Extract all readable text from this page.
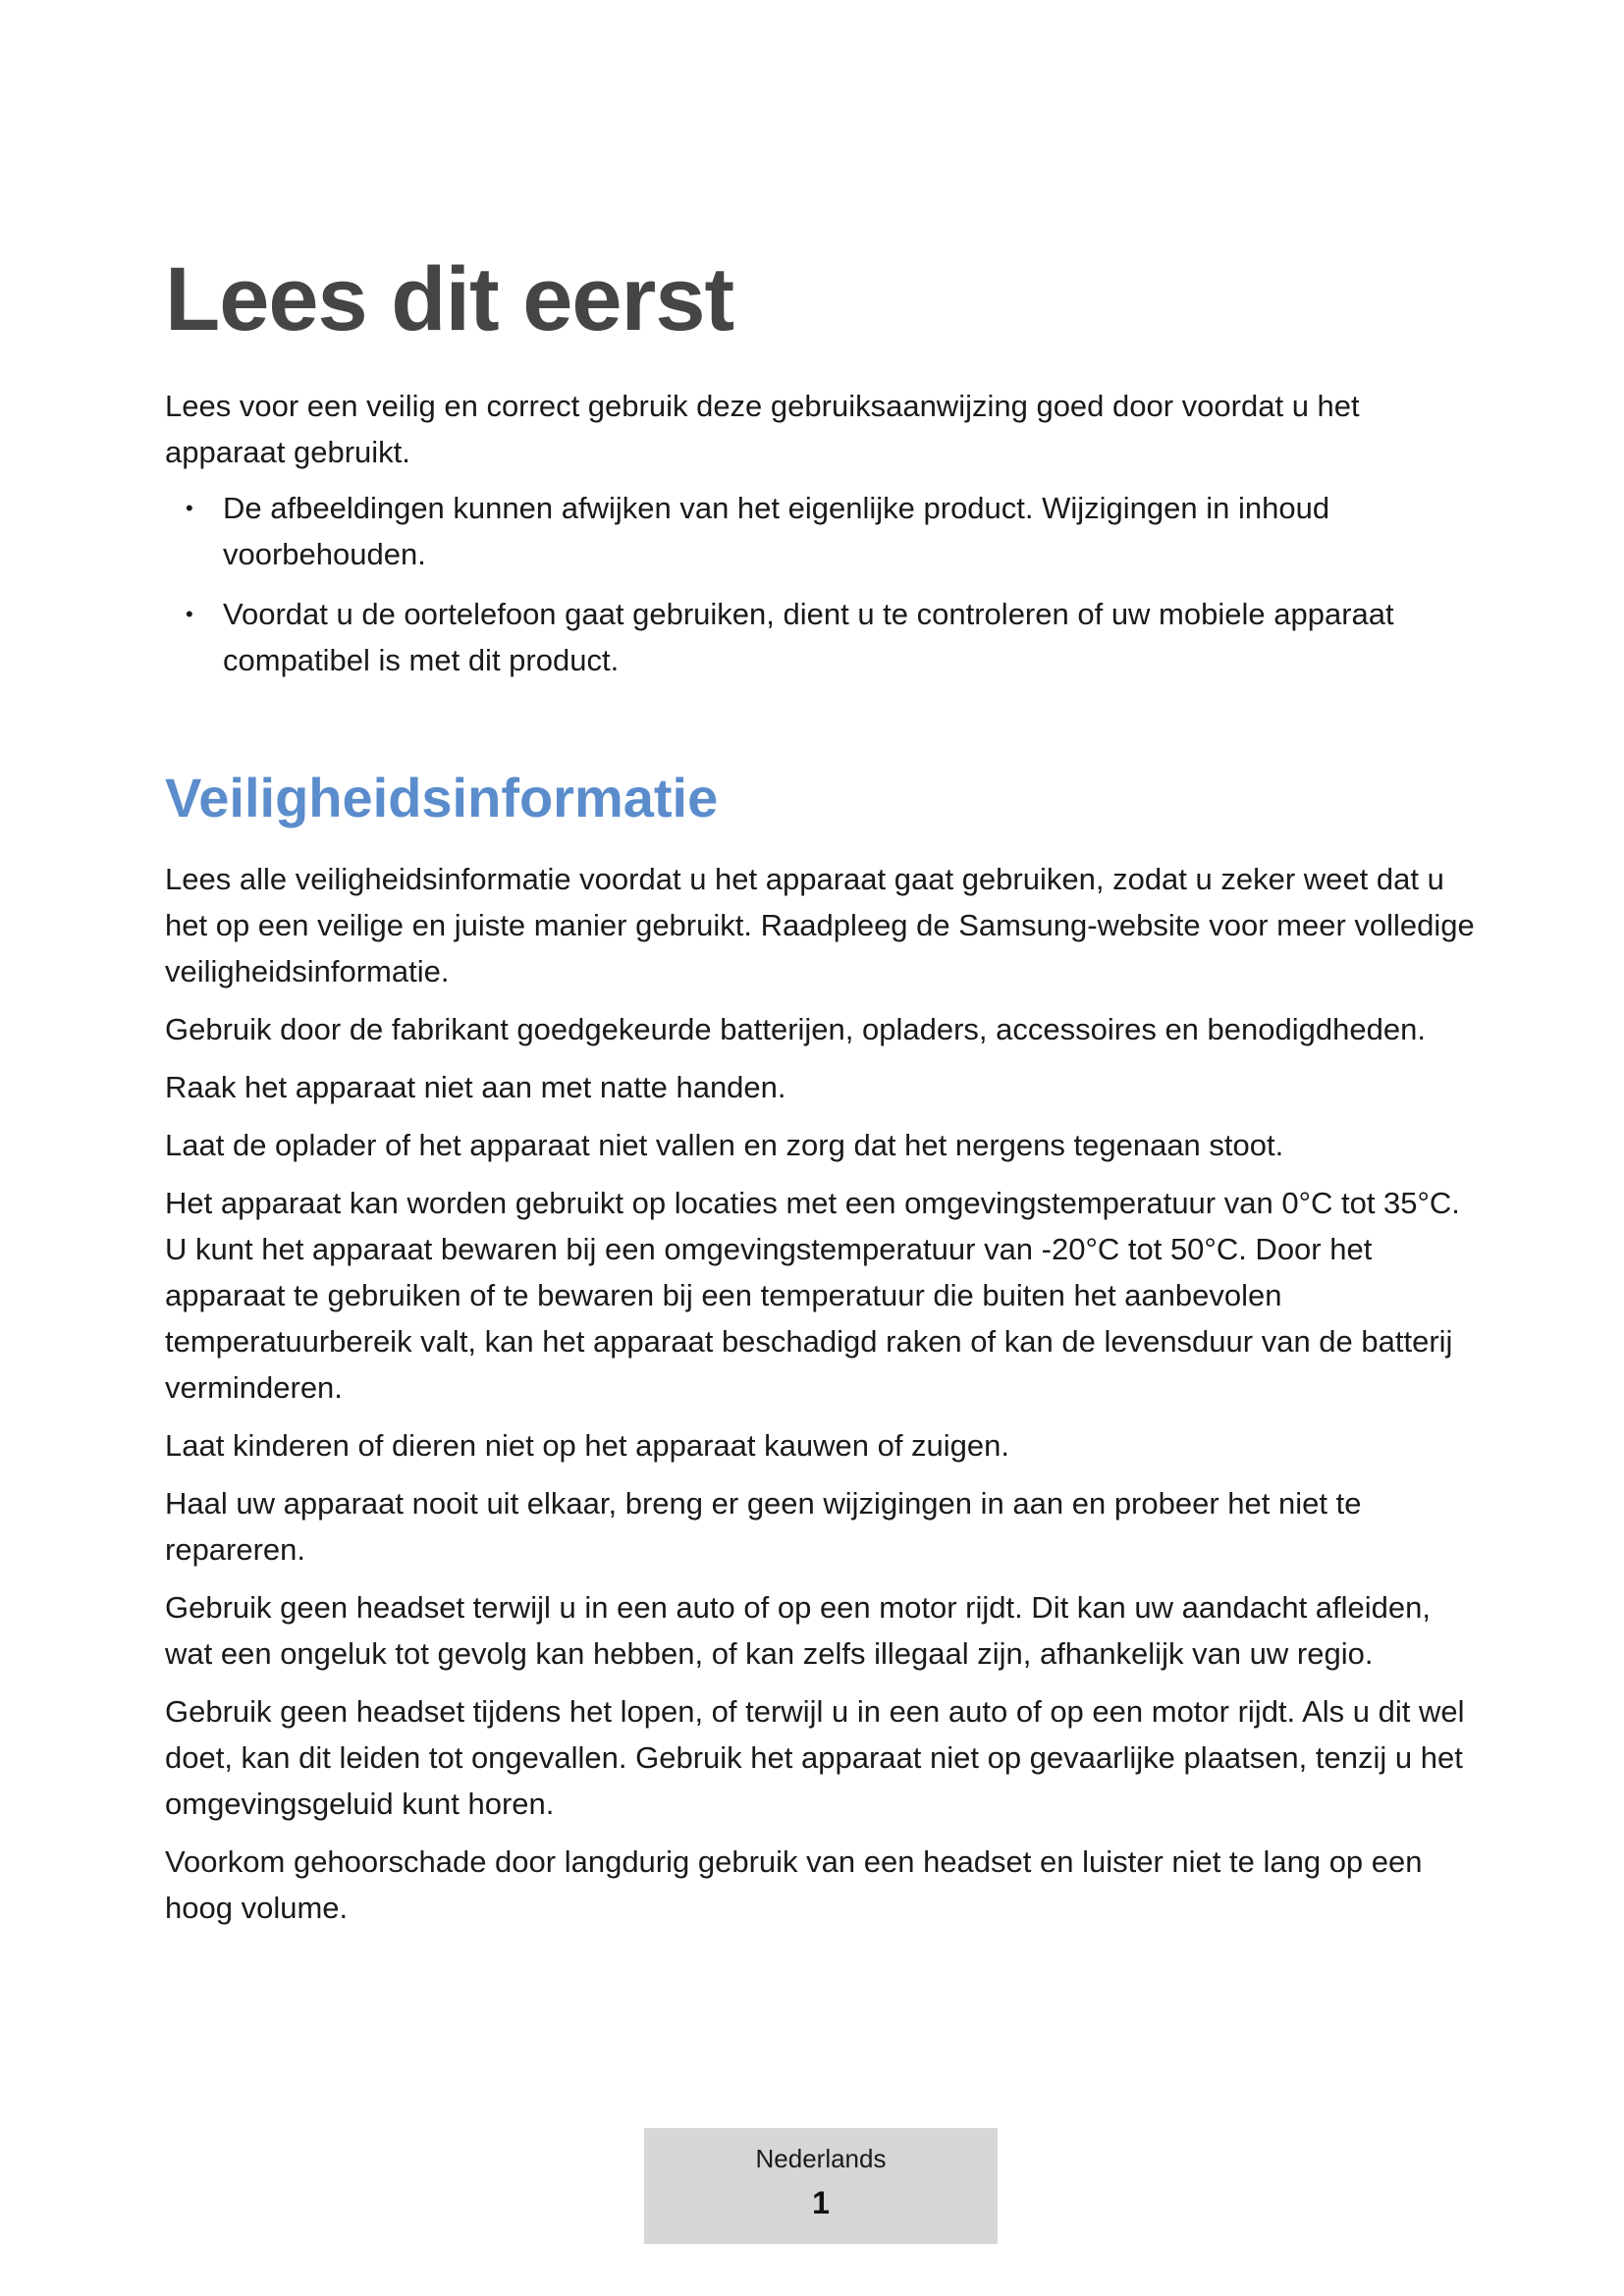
Lees dit eerst

Lees voor een veilig en correct gebruik deze gebruiksaanwijzing goed door voordat u het apparaat gebruikt.

• De afbeeldingen kunnen afwijken van het eigenlijke product. Wijzigingen in inhoud voorbehouden.
• Voordat u de oortelefoon gaat gebruiken, dient u te controleren of uw mobiele apparaat compatibel is met dit product.
Veiligheidsinformatie

Lees alle veiligheidsinformatie voordat u het apparaat gaat gebruiken, zodat u zeker weet dat u het op een veilige en juiste manier gebruikt. Raadpleeg de Samsung-website voor meer volledige veiligheidsinformatie.

Gebruik door de fabrikant goedgekeurde batterijen, opladers, accessoires en benodigdheden.

Raak het apparaat niet aan met natte handen.

Laat de oplader of het apparaat niet vallen en zorg dat het nergens tegenaan stoot.

Het apparaat kan worden gebruikt op locaties met een omgevingstemperatuur van 0°C tot 35°C. U kunt het apparaat bewaren bij een omgevingstemperatuur van -20°C tot 50°C. Door het apparaat te gebruiken of te bewaren bij een temperatuur die buiten het aanbevolen temperatuurbereik valt, kan het apparaat beschadigd raken of kan de levensduur van de batterij verminderen.

Laat kinderen of dieren niet op het apparaat kauwen of zuigen.

Haal uw apparaat nooit uit elkaar, breng er geen wijzigingen in aan en probeer het niet te repareren.

Gebruik geen headset terwijl u in een auto of op een motor rijdt. Dit kan uw aandacht afleiden, wat een ongeluk tot gevolg kan hebben, of kan zelfs illegaal zijn, afhankelijk van uw regio.

Gebruik geen headset tijdens het lopen, of terwijl u in een auto of op een motor rijdt. Als u dit wel doet, kan dit leiden tot ongevallen. Gebruik het apparaat niet op gevaarlijke plaatsen, tenzij u het omgevingsgeluid kunt horen.

Voorkom gehoorschade door langdurig gebruik van een headset en luister niet te lang op een hoog volume.

Nederlands
1
